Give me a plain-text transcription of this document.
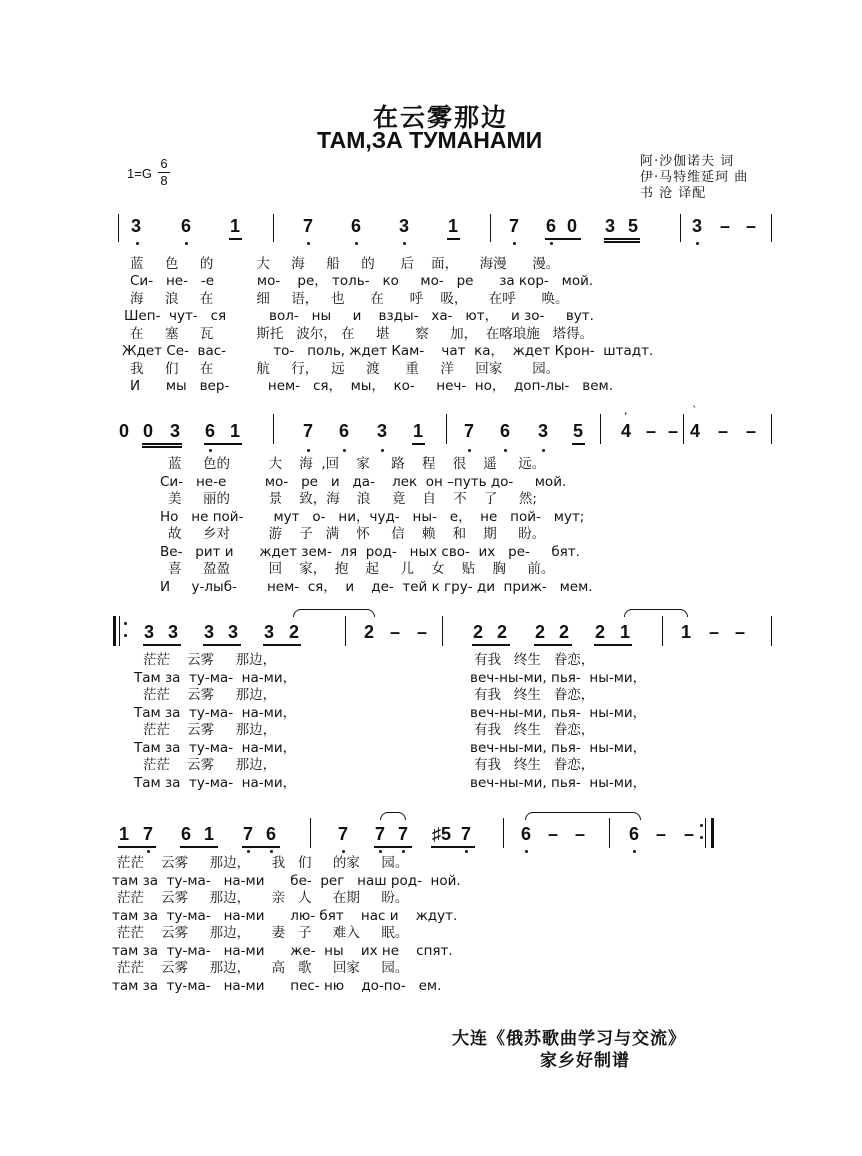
在云雾那边
ТАМ,ЗА ТУМАНАМИ
1=G
6
8
阿·沙伽诺夫 词
伊·马特维延珂 曲
书 沧 译配
3 6 1	7 6 3 1	7 6 0 3 5	3 – –
蓝     色     的          大     海     船     的      后    面，     海漫      漫。
Си-   не-   -е          мо-    ре， толь-   ко     мо-   ре      за кор-   мой.
海     浪     在          细     语，   也      在      呼    吸，     在呼      唤。
Шеп-  чут-   ся          вол-   ны     и    взды-   ха-   ют，   и зо-     вут.
在     塞     瓦          斯托   波尔， 在     堪      察     加，  在喀琅施   塔得。
Ждет Се-  вас-           то-   поль, ждет Кам-    чат  ка，  ждет Крон-  штадт.
我     们     在          航     行，   远     渡      重     洋     回家       园。
И      мы   вер-         нем-   ся，  мы，  ко-     неч-  но，  доп-лы-   вем.
0 0 3 6 1	7 6 3 1 7 6 3 5 4 – – 4 – –
,	`
蓝     色的         大    海  ,回    家     路    程    很    遥     远。
Си-   не-е         мо-   ре   и   да-    лек  он –путь до-     мой.
美     丽的         景    致，海    浪     竟    自    不    了     然;
Но   не пой-       мут   о-   ни，чуд-   ны-   е，  не   пой-   мут;
故     乡对         游    子   满    怀     信    赖    和    期     盼。
Ве-   рит и      ждет зем-  ля  род-   ных сво-  их   ре-     бят.
喜     盈盈         回    家，  抱    起     儿    女    贴    胸     前。
И     у-лыб-       нем-  ся，  и    де-  тей к гру- ди  приж-   мем.
3 3 3 3 3 2	2 – –	2 2 2 2 2 1	1 – –
茫茫    云雾     那边，
Там за  ту-ма-  на-ми，
茫茫    云雾     那边，
Там за  ту-ма-  на-ми，
茫茫    云雾     那边，
Там за  ту-ма-  на-ми，
茫茫    云雾     那边，
Там за  ту-ма-  на-ми，
有我   终生   眷恋，
веч-ны-ми, пья-  ны-ми，
有我   终生   眷恋，
веч-ны-ми, пья-  ны-ми，
有我   终生   眷恋，
веч-ны-ми, пья-  ны-ми，
有我   终生   眷恋，
веч-ны-ми, пья-  ны-ми，
1 7 6 1 7 6	7 7 7 ♯5 7	6 – – 6 – –
茫茫    云雾     那边，     我   们     的家     园。
там за  ту-ма-   на-ми      бе-  рег   наш род-  ной.
茫茫    云雾     那边，     亲   人     在期     盼。
там за  ту-ма-   на-ми      лю- бят    нас и    ждут.
茫茫    云雾     那边，     妻   子     难入     眠。
там за  ту-ма-   на-ми      же-  ны    их не    спят.
茫茫    云雾     那边，     高   歌     回家     园。
там за  ту-ма-   на-ми      пес- ню    до-по-   ем.
大连《俄苏歌曲学习与交流》
家乡好制谱
